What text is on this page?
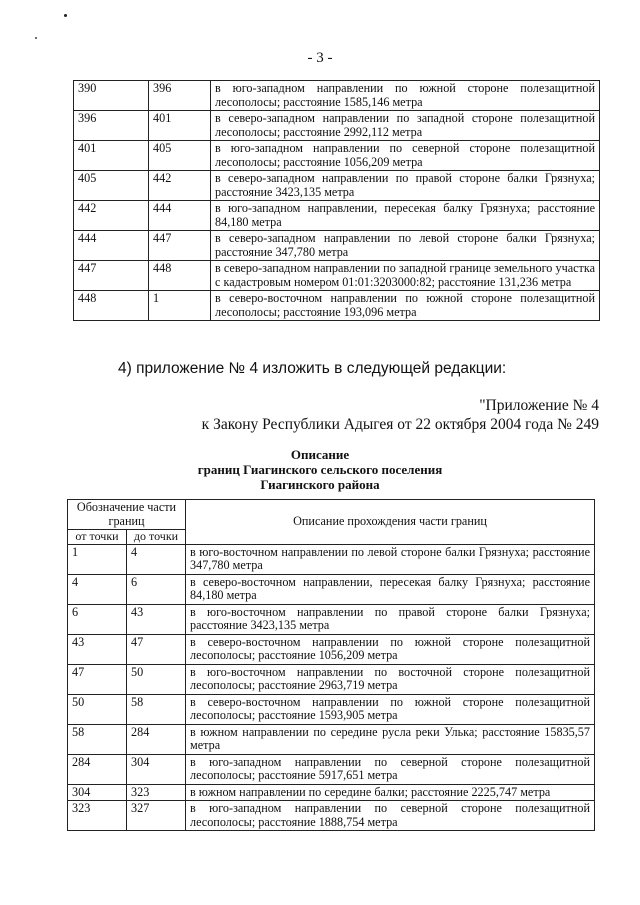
- 3 -
390	396	в юго-западном направлении по южной стороне полезащитной лесополосы; расстояние 1585,146 метра
396	401	в северо-западном направлении по западной стороне полезащитной лесополосы; расстояние 2992,112 метра
401	405	в юго-западном направлении по северной стороне полезащитной лесополосы; расстояние 1056,209 метра
405	442	в северо-западном направлении по правой стороне балки Грязнуха; расстояние 3423,135 метра
442	444	в юго-западном направлении, пересекая балку Грязнуха; расстояние 84,180 метра
444	447	в северо-западном направлении по левой стороне балки Грязнуха; расстояние 347,780 метра
447	448	в северо-западном направлении по западной границе земельного участка с кадастровым номером 01:01:3203000:82; расстояние 131,236 метра
448	1	в северо-восточном направлении по южной стороне полезащитной лесополосы; расстояние 193,096 метра
4) приложение № 4 изложить в следующей редакции:
"Приложение № 4
к Закону Республики Адыгея от 22 октября 2004 года № 249
Описание
границ Гиагинского сельского поселения
Гиагинского района
Обозначение части границ		Описание прохождения части границ
от точки	до точки	
1	4	в юго-восточном направлении по левой стороне балки Грязнуха; расстояние 347,780 метра
4	6	в северо-восточном направлении, пересекая балку Грязнуха; расстояние 84,180 метра
6	43	в юго-восточном направлении по правой стороне балки Грязнуха; расстояние 3423,135 метра
43	47	в северо-восточном направлении по южной стороне полезащитной лесополосы; расстояние 1056,209 метра
47	50	в юго-восточном направлении по восточной стороне полезащитной лесополосы; расстояние 2963,719 метра
50	58	в северо-восточном направлении по южной стороне полезащитной лесополосы; расстояние 1593,905 метра
58	284	в южном направлении по середине русла реки Улька; расстояние 15835,57 метра
284	304	в юго-западном направлении по северной стороне полезащитной лесополосы; расстояние 5917,651 метра
304	323	в южном направлении по середине балки; расстояние 2225,747 метра
323	327	в юго-западном направлении по северной стороне полезащитной лесополосы; расстояние 1888,754 метра
